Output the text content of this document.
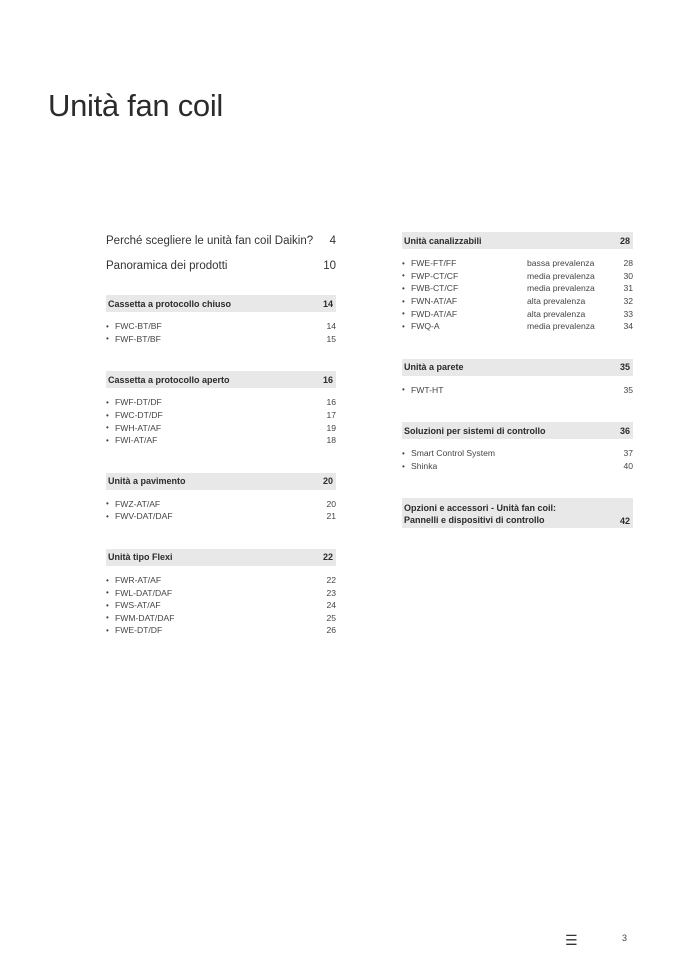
Unità fan coil
Perché scegliere le unità fan coil Daikin? 4
Panoramica dei prodotti	10
Cassetta a protocollo chiuso	14
• FWC-BT/BF	14
• FWF-BT/BF	15
Cassetta a protocollo aperto	16
• FWF-DT/DF	16
• FWC-DT/DF	17
• FWH-AT/AF	19
• FWI-AT/AF	18
Unità a pavimento	20
• FWZ-AT/AF	20
• FWV-DAT/DAF	21
Unità tipo Flexi	22
• FWR-AT/AF	22
• FWL-DAT/DAF	23
• FWS-AT/AF	24
• FWM-DAT/DAF	25
• FWE-DT/DF	26
Unità canalizzabili	28
• FWE-FT/FF	bassa prevalenza	28
• FWP-CT/CF	media prevalenza	30
• FWB-CT/CF	media prevalenza	31
• FWN-AT/AF	alta prevalenza	32
• FWD-AT/AF	alta prevalenza	33
• FWQ-A	media prevalenza	34
Unità a parete	35
• FWT-HT	35
Soluzioni per sistemi di controllo	36
• Smart Control System	37
• Shinka	40
Opzioni e accessori - Unità fan coil:
Pannelli e dispositivi di controllo	42
☰	3
